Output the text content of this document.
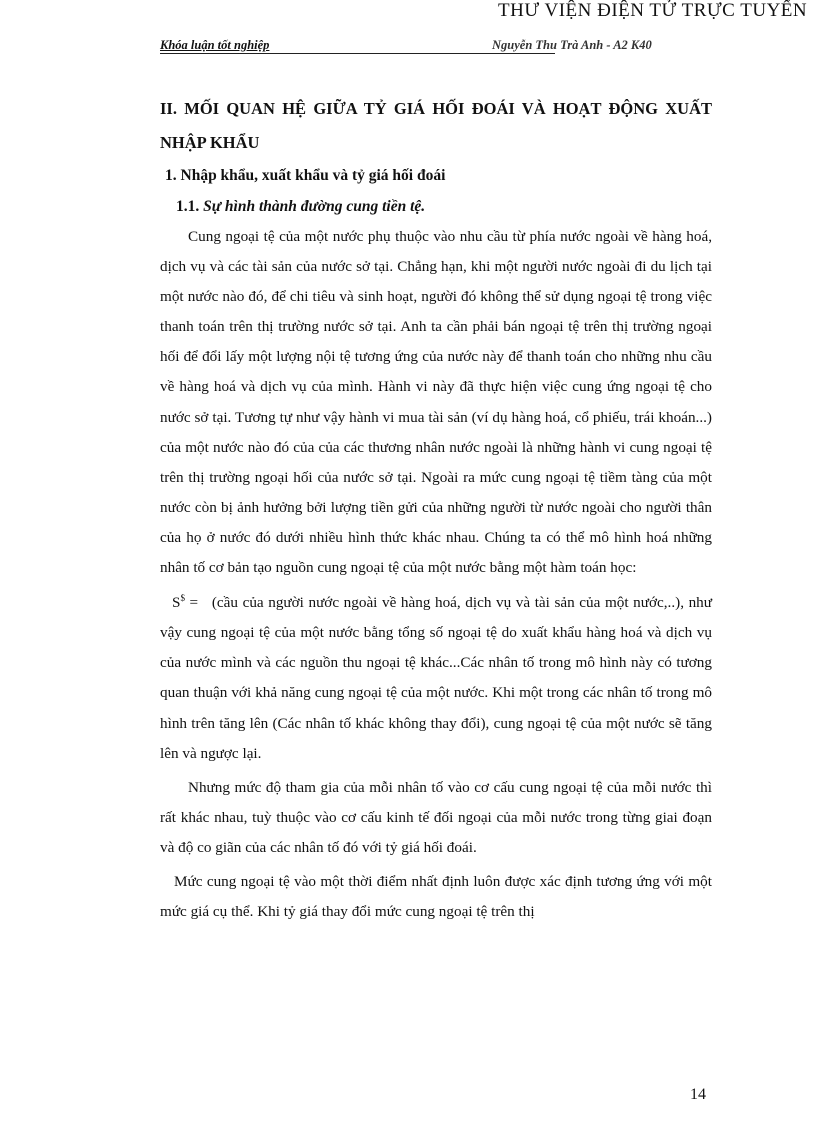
Khóa luận tốt nghiệp	Nguyễn Thu Trà Anh - A2 K40
THƯ VIỆN ĐIỆN TỬ TRỰC TUYẾN
II. MỐI QUAN HỆ GIỮA TỶ GIÁ HỐI ĐOÁI VÀ HOẠT ĐỘNG XUẤT NHẬP KHẨU
1. Nhập khẩu, xuất khẩu và tỷ giá hối đoái
1.1. Sự hình thành đường cung tiền tệ.

Cung ngoại tệ của một nước phụ thuộc vào nhu cầu từ phía nước ngoài về hàng hoá, dịch vụ và các tài sản của nước sở tại. Chẳng hạn, khi một người nước ngoài đi du lịch tại một nước nào đó, để chi tiêu và sinh hoạt, người đó không thể sử dụng ngoại tệ trong việc thanh toán trên thị trường nước sở tại. Anh ta cần phải bán ngoại tệ trên thị trường ngoại hối để đổi lấy một lượng nội tệ tương ứng của nước này để thanh toán cho những nhu cầu về hàng hoá và dịch vụ của mình. Hành vi này đã thực hiện việc cung ứng ngoại tệ cho nước sở tại. Tương tự như vậy hành vi mua tài sản (ví dụ hàng hoá, cổ phiếu, trái khoán...) của một nước nào đó của của các thương nhân nước ngoài là những hành vi cung ngoại tệ trên thị trường ngoại hối của nước sở tại. Ngoài ra mức cung ngoại tệ tiềm tàng của một nước còn bị ảnh hưởng bởi lượng tiền gửi của những người từ nước ngoài cho người thân của họ ở nước đó dưới nhiều hình thức khác nhau. Chúng ta có thể mô hình hoá những nhân tố cơ bản tạo nguồn cung ngoại tệ của một nước bằng một hàm toán học:

S$ = (cầu của người nước ngoài về hàng hoá, dịch vụ và tài sản của một nước,..), như vậy cung ngoại tệ của một nước bằng tổng số ngoại tệ do xuất khẩu hàng hoá và dịch vụ của nước mình và các nguồn thu ngoại tệ khác...Các nhân tố trong mô hình này có tương quan thuận với khả năng cung ngoại tệ của một nước. Khi một trong các nhân tố trong mô hình trên tăng lên (Các nhân tố khác không thay đổi), cung ngoại tệ của một nước sẽ tăng lên và ngược lại.

Nhưng mức độ tham gia của mỗi nhân tố vào cơ cấu cung ngoại tệ của mỗi nước thì rất khác nhau, tuỳ thuộc vào cơ cấu kinh tế đối ngoại của mỗi nước trong từng giai đoạn và độ co giãn của các nhân tố đó với tỷ giá hối đoái.

Mức cung ngoại tệ vào một thời điểm nhất định luôn được xác định tương ứng với một mức giá cụ thể. Khi tỷ giá thay đổi mức cung ngoại tệ trên thị

14
